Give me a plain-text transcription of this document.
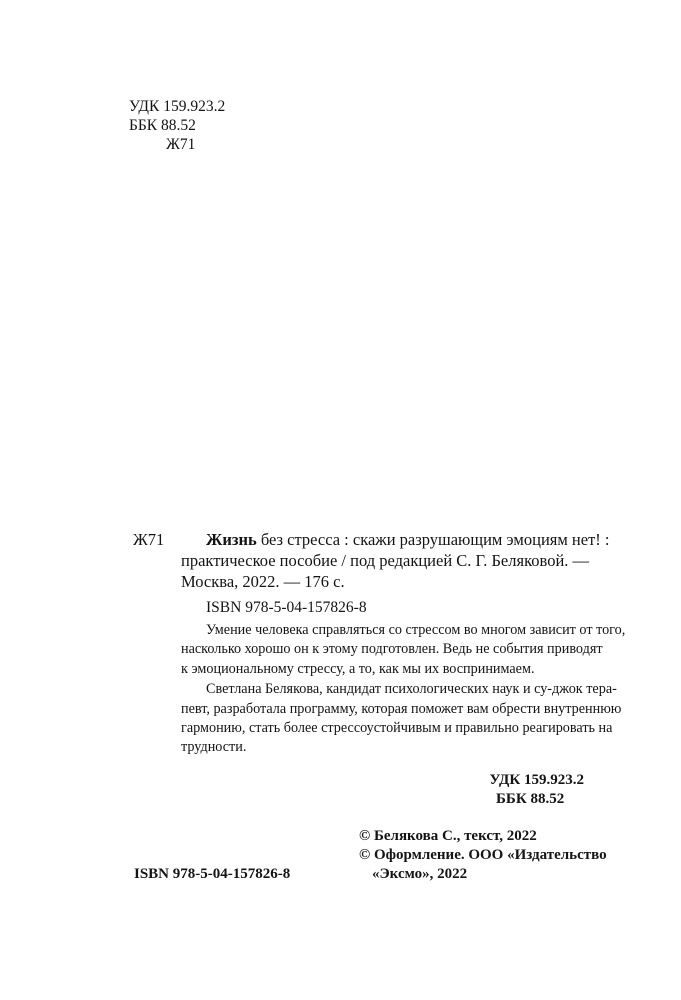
УДК 159.923.2
ББК 88.52
Ж71
Ж71	Жизнь без стресса : скажи разрушающим эмоциям нет! :
практическое пособие / под редакцией С. Г. Беляковой. —
Москва, 2022. — 176 с.
ISBN 978-5-04-157826-8
Умение человека справляться со стрессом во многом зависит от того,
насколько хорошо он к этому подготовлен. Ведь не события приводят
к эмоциональному стрессу, а то, как мы их воспринимаем.
Светлана Белякова, кандидат психологических наук и су-джок тера-
певт, разработала программу, которая поможет вам обрести внутреннюю
гармонию, стать более стрессоустойчивым и правильно реагировать на
трудности.
УДК 159.923.2
ББК 88.52
© Белякова С., текст, 2022
© Оформление. ООО «Издательство
«Эксмо», 2022
ISBN 978-5-04-157826-8
